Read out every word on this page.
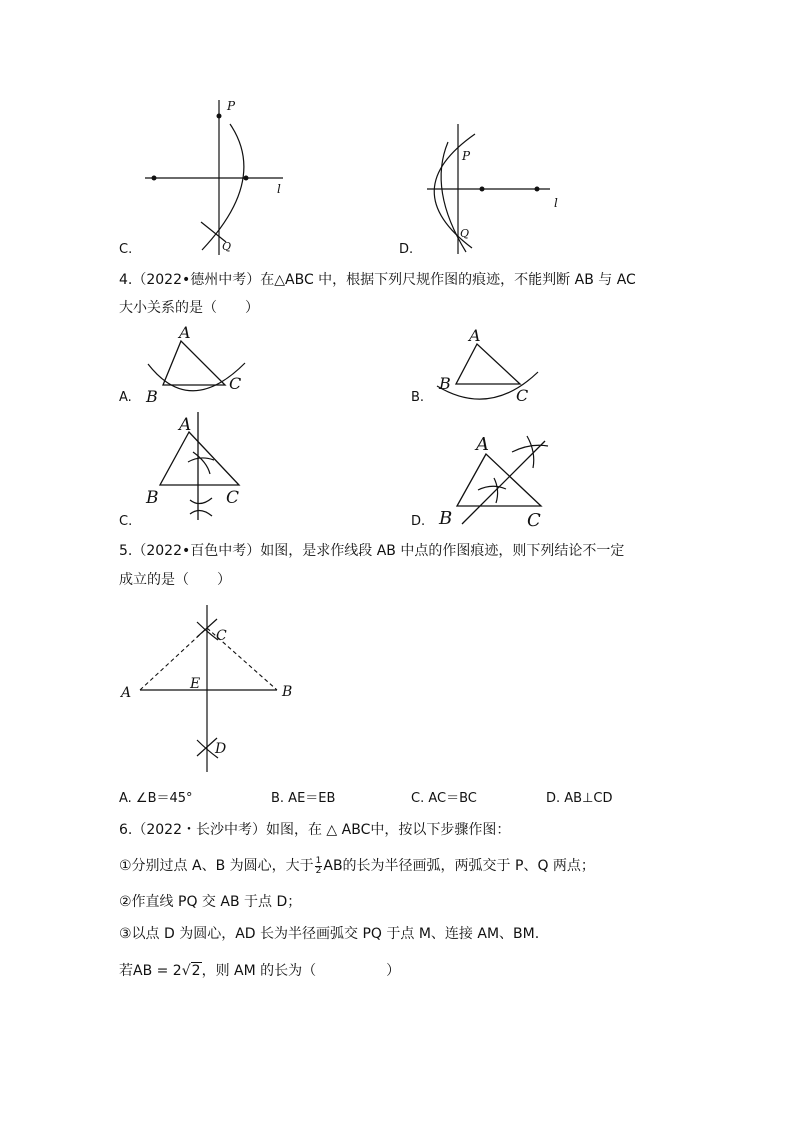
P
Q
l
C.
P
Q
l
D.
4.（2022•德州中考）在△ABC 中，根据下列尺规作图的痕迹，不能判断 AB 与 AC
大小关系的是（　　）
A
B
C
A.
A
B
C
B.
A
B	C
C.
A
B	C
D.
5.（2022•百色中考）如图，是求作线段 AB 中点的作图痕迹，则下列结论不一定
成立的是（　　）
C
E
A	B
D
A. ∠B＝45°	B. AE＝EB	C. AC＝BC	D. AB⊥CD
6.（2022・长沙中考）如图，在 △ ABC中，按以下步骤作图：
①分别过点 A、B 为圆心，大于 $\frac{1}{2}$ AB的长为半径画弧，两弧交于 P、Q 两点；
②作直线 PQ 交 AB 于点 D；
③以点 D 为圆心，AD 长为半径画弧交 PQ 于点 M、连接 AM、BM.
若AB = 2√2，则 AM 的长为（　　　　　）
